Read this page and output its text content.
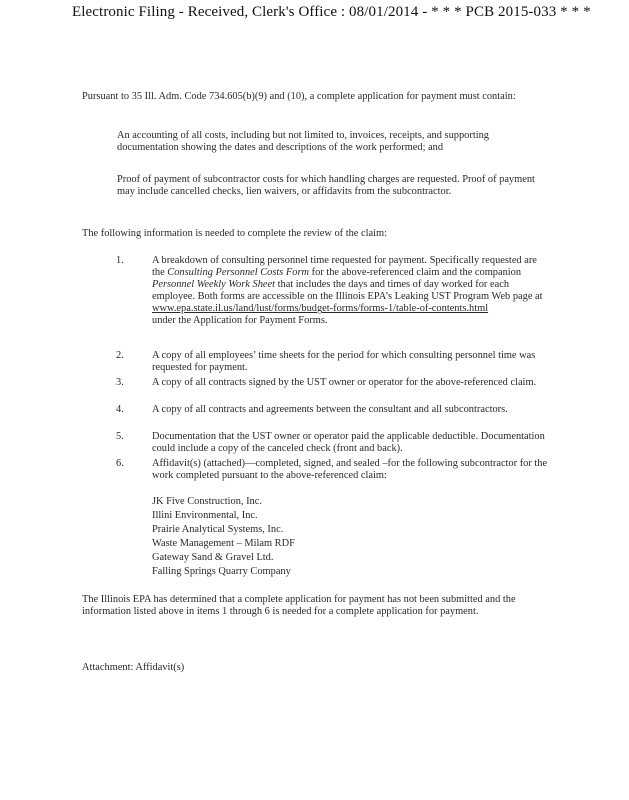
Electronic Filing - Received, Clerk's Office : 08/01/2014 - * * * PCB 2015-033 * * *
Pursuant to 35 Ill. Adm. Code 734.605(b)(9) and (10), a complete application for payment must contain:
An accounting of all costs, including but not limited to, invoices, receipts, and supporting documentation showing the dates and descriptions of the work performed; and
Proof of payment of subcontractor costs for which handling charges are requested. Proof of payment may include cancelled checks, lien waivers, or affidavits from the subcontractor.
The following information is needed to complete the review of the claim:
1.	A breakdown of consulting personnel time requested for payment. Specifically requested are the Consulting Personnel Costs Form for the above-referenced claim and the companion Personnel Weekly Work Sheet that includes the days and times of day worked for each employee. Both forms are accessible on the Illinois EPA’s Leaking UST Program Web page at
www.epa.state.il.us/land/lust/forms/budget-forms/forms-1/table-of-contents.html
under the Application for Payment Forms.
2.	A copy of all employees’ time sheets for the period for which consulting personnel time was requested for payment.
3.	A copy of all contracts signed by the UST owner or operator for the above-referenced claim.
4.	A copy of all contracts and agreements between the consultant and all subcontractors.
5.	Documentation that the UST owner or operator paid the applicable deductible. Documentation could include a copy of the canceled check (front and back).
6.	Affidavit(s) (attached)—completed, signed, and sealed –for the following subcontractor for the work completed pursuant to the above-referenced claim:
JK Five Construction, Inc.
Illini Environmental, Inc.
Prairie Analytical Systems, Inc.
Waste Management – Milam RDF
Gateway Sand & Gravel Ltd.
Falling Springs Quarry Company
The Illinois EPA has determined that a complete application for payment has not been submitted and the information listed above in items 1 through 6 is needed for a complete application for payment.
Attachment: Affidavit(s)
